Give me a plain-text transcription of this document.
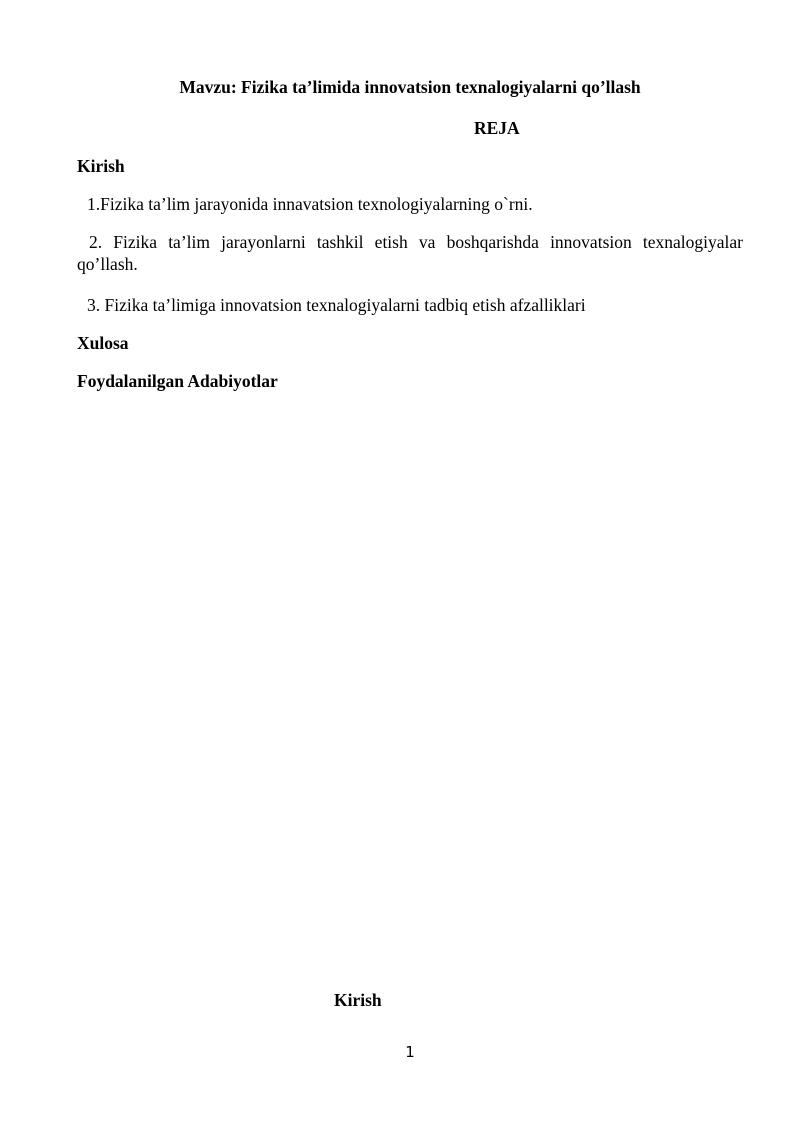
Mavzu: Fizika ta’limida innovatsion texnalogiyalarni qo’llash

REJA

Kirish

1.Fizika ta’lim jarayonida innavatsion texnologiyalarning o`rni.

2. Fizika ta’lim jarayonlarni tashkil etish va boshqarishda innovatsion texnalogiyalar qo’llash.

3. Fizika ta’limiga innovatsion texnalogiyalarni tadbiq etish afzalliklari

Xulosa

Foydalanilgan Adabiyotlar

Kirish

1
